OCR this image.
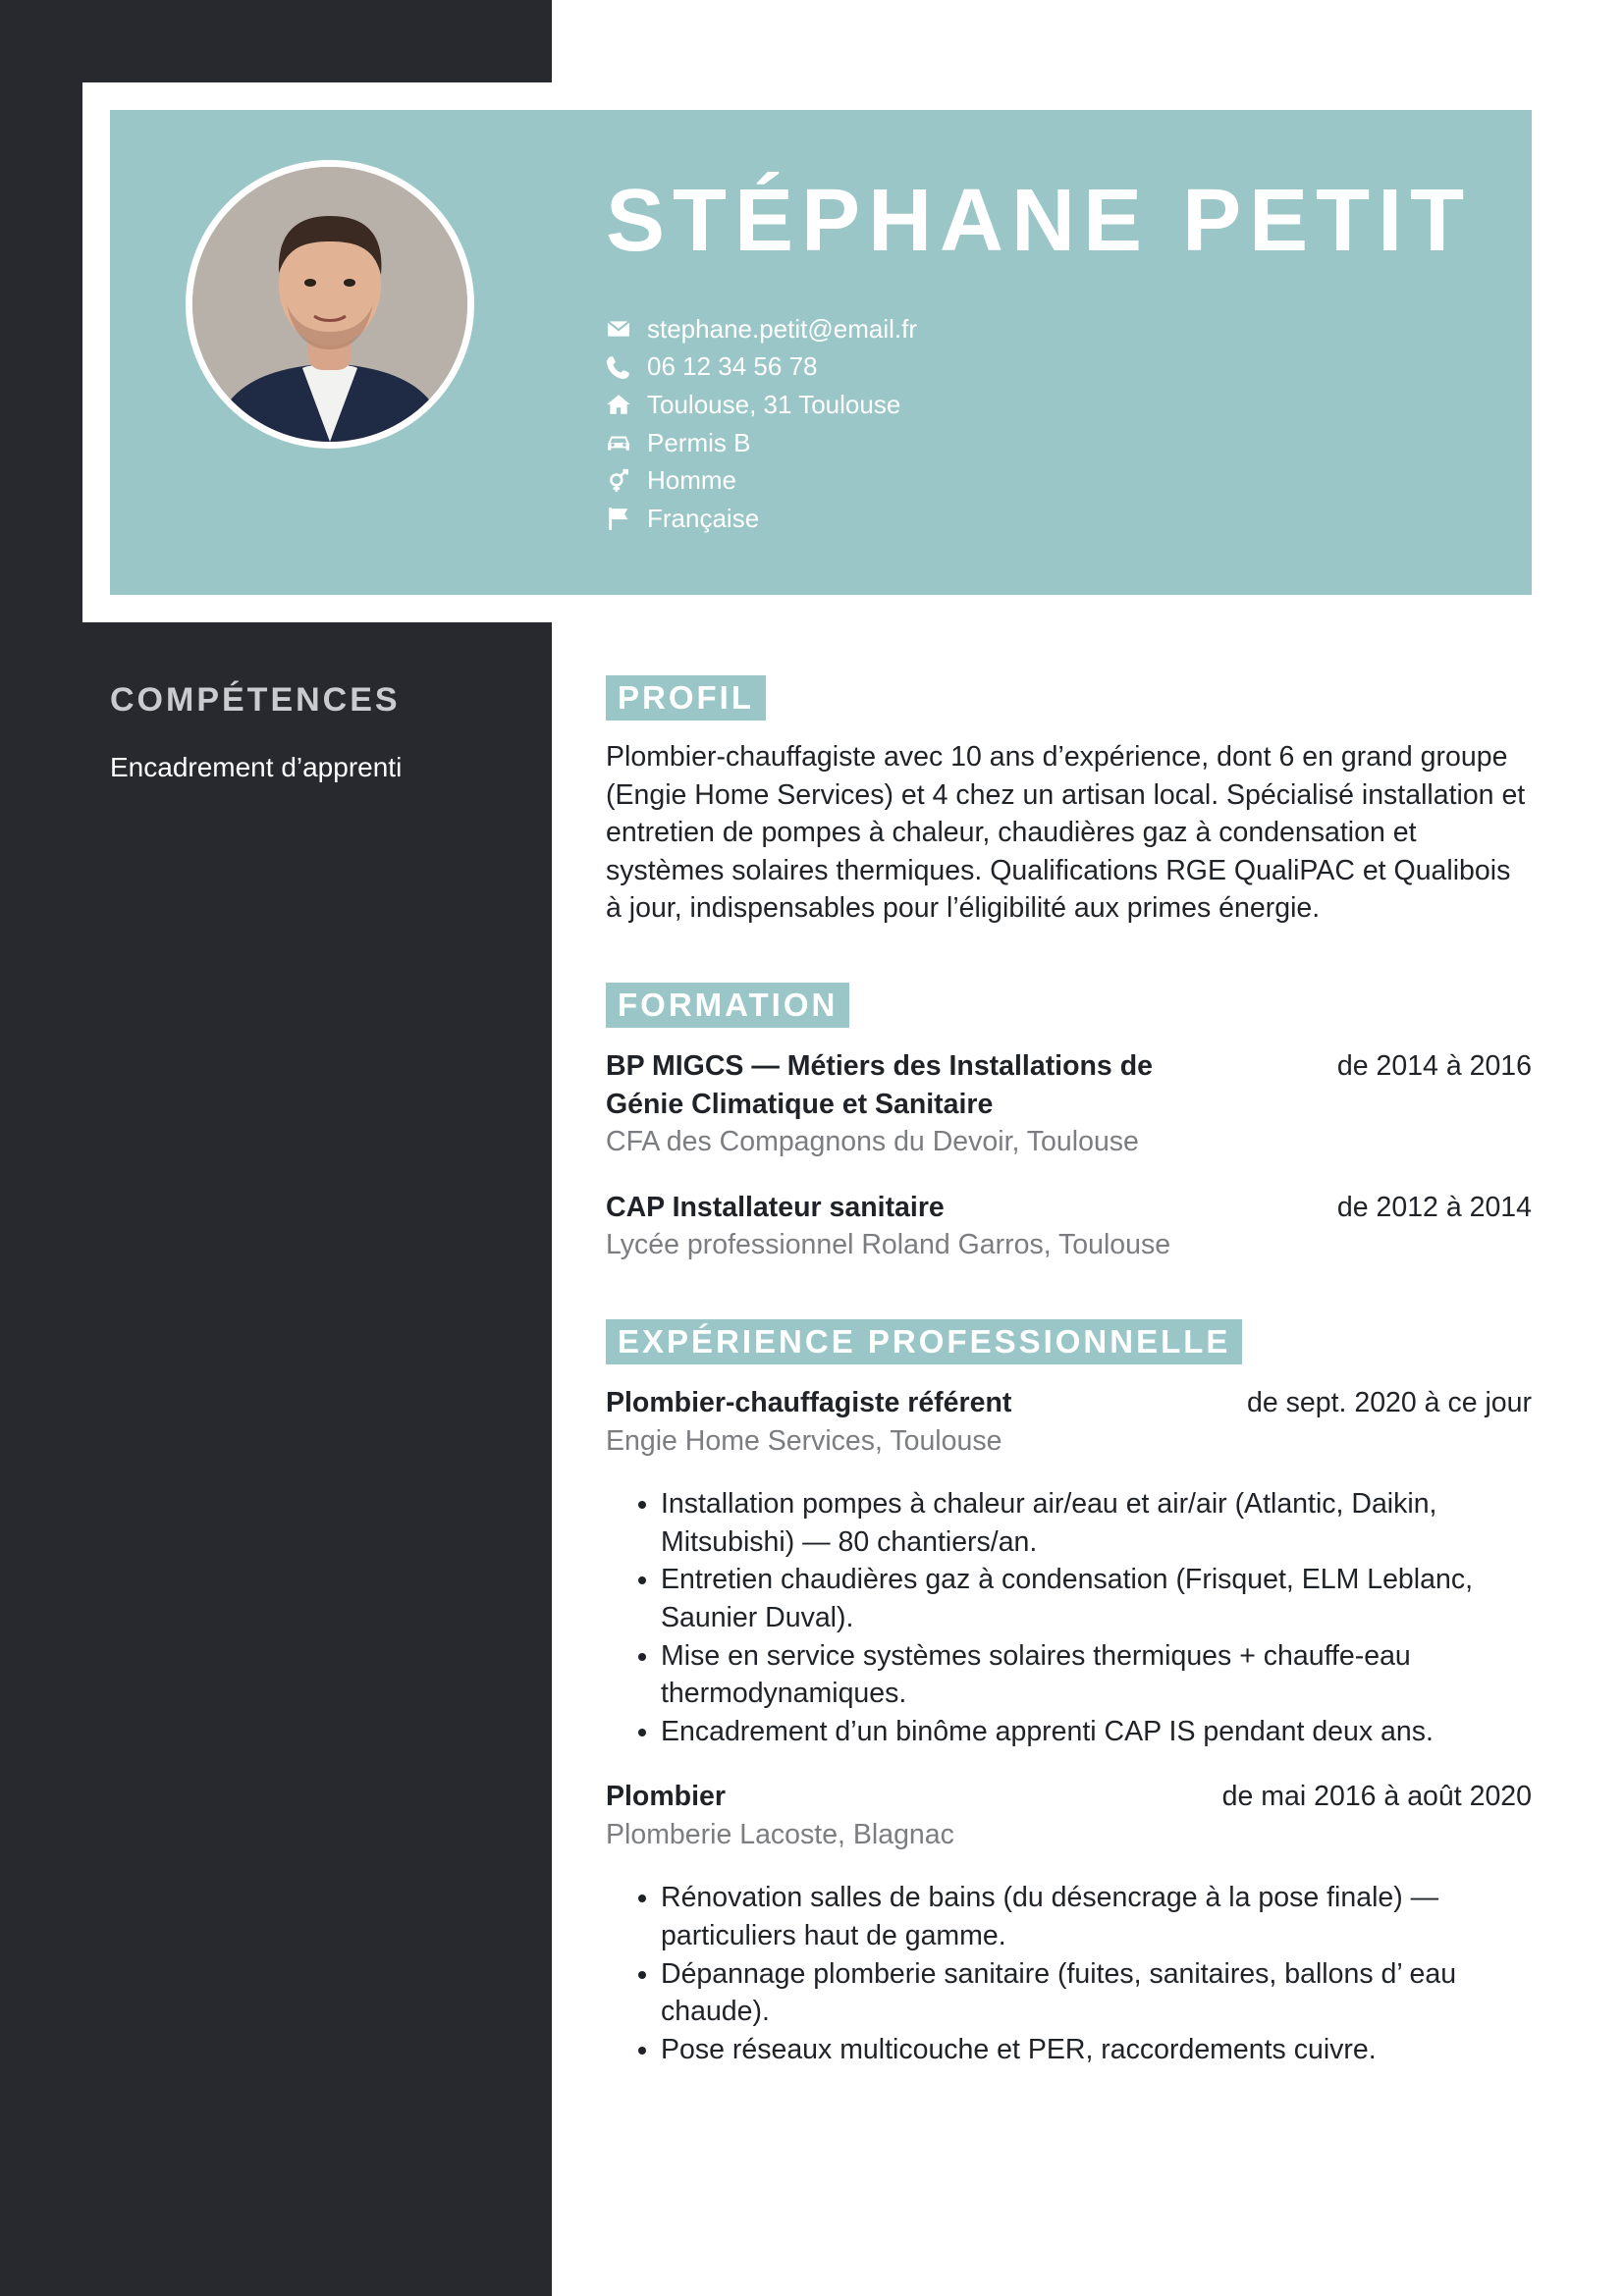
STÉPHANE PETIT
stephane.petit@email.fr
06 12 34 56 78
Toulouse, 31 Toulouse
Permis B
Homme
Française
COMPÉTENCES
Encadrement d’apprenti
PROFIL

Plombier-chauffagiste avec 10 ans d’expérience, dont 6 en grand groupe (Engie Home Services) et 4 chez un artisan local. Spécialisé installation et entretien de pompes à chaleur, chaudières gaz à condensation et systèmes solaires thermiques. Qualifications RGE QualiPAC et Qualibois à jour, indispensables pour l’éligibilité aux primes énergie.

FORMATION
BP MIGCS — Métiers des Installations de Génie Climatique et Sanitaire
de 2014 à 2016
CFA des Compagnons du Devoir, Toulouse
CAP Installateur sanitaire	de 2012 à 2014
Lycée professionnel Roland Garros, Toulouse
EXPÉRIENCE PROFESSIONNELLE
Plombier-chauffagiste référent	de sept. 2020 à ce jour
Engie Home Services, Toulouse
• Installation pompes à chaleur air/eau et air/air (Atlantic, Daikin, Mitsubishi) — 80 chantiers/an.
• Entretien chaudières gaz à condensation (Frisquet, ELM Leblanc, Saunier Duval).
• Mise en service systèmes solaires thermiques + chauffe-eau thermodynamiques.
• Encadrement d’un binôme apprenti CAP IS pendant deux ans.
Plombier	de mai 2016 à août 2020
Plomberie Lacoste, Blagnac
• Rénovation salles de bains (du désencrage à la pose finale) — particuliers haut de gamme.
• Dépannage plomberie sanitaire (fuites, sanitaires, ballons d’ eau chaude).
• Pose réseaux multicouche et PER, raccordements cuivre.
